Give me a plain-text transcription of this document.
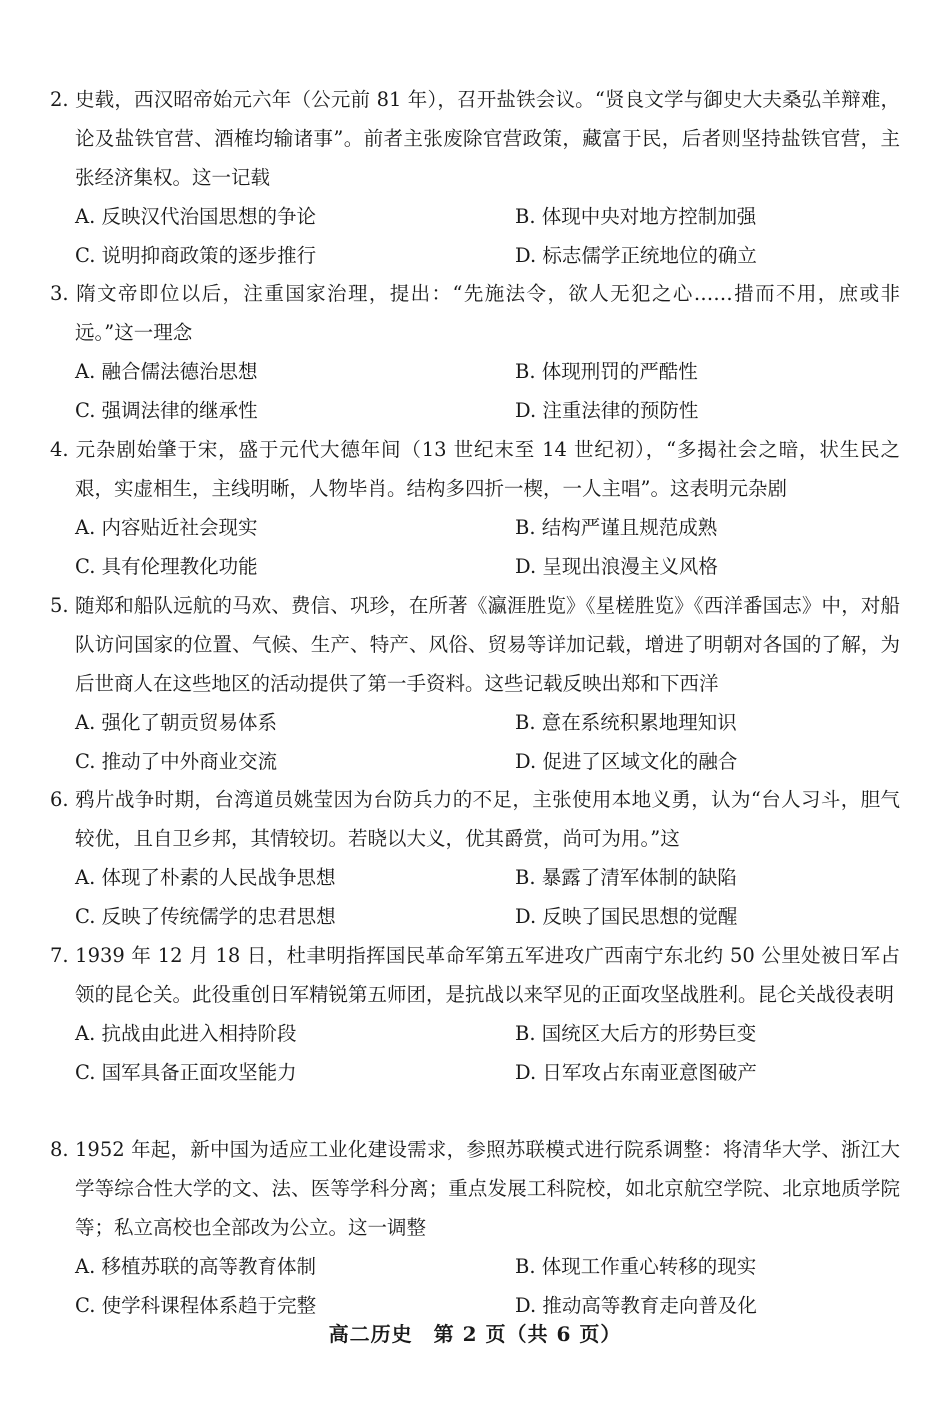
2. 史载，西汉昭帝始元六年（公元前 81 年），召开盐铁会议。“贤良文学与御史大夫桑弘羊辩难，论及盐铁官营、酒榷均输诸事”。前者主张废除官营政策，藏富于民，后者则坚持盐铁官营，主张经济集权。这一记载

A. 反映汉代治国思想的争论	B. 体现中央对地方控制加强
C. 说明抑商政策的逐步推行	D. 标志儒学正统地位的确立

3. 隋文帝即位以后，注重国家治理，提出：“先施法令，欲人无犯之心……措而不用，庶或非远。”这一理念

A. 融合儒法德治思想	B. 体现刑罚的严酷性
C. 强调法律的继承性	D. 注重法律的预防性

4. 元杂剧始肇于宋，盛于元代大德年间（13 世纪末至 14 世纪初），“多揭社会之暗，状生民之艰，实虚相生，主线明晰，人物毕肖。结构多四折一楔，一人主唱”。这表明元杂剧

A. 内容贴近社会现实	B. 结构严谨且规范成熟
C. 具有伦理教化功能	D. 呈现出浪漫主义风格

5. 随郑和船队远航的马欢、费信、巩珍，在所著《瀛涯胜览》《星槎胜览》《西洋番国志》中，对船队访问国家的位置、气候、生产、特产、风俗、贸易等详加记载，增进了明朝对各国的了解，为后世商人在这些地区的活动提供了第一手资料。这些记载反映出郑和下西洋

A. 强化了朝贡贸易体系	B. 意在系统积累地理知识
C. 推动了中外商业交流	D. 促进了区域文化的融合

6. 鸦片战争时期，台湾道员姚莹因为台防兵力的不足，主张使用本地义勇，认为“台人习斗，胆气较优，且自卫乡邦，其情较切。若晓以大义，优其爵赏，尚可为用。”这

A. 体现了朴素的人民战争思想	B. 暴露了清军体制的缺陷
C. 反映了传统儒学的忠君思想	D. 反映了国民思想的觉醒

7. 1939 年 12 月 18 日，杜聿明指挥国民革命军第五军进攻广西南宁东北约 50 公里处被日军占领的昆仑关。此役重创日军精锐第五师团，是抗战以来罕见的正面攻坚战胜利。昆仑关战役表明

A. 抗战由此进入相持阶段	B. 国统区大后方的形势巨变
C. 国军具备正面攻坚能力	D. 日军攻占东南亚意图破产

8. 1952 年起，新中国为适应工业化建设需求，参照苏联模式进行院系调整：将清华大学、浙江大学等综合性大学的文、法、医等学科分离；重点发展工科院校，如北京航空学院、北京地质学院等；私立高校也全部改为公立。这一调整

A. 移植苏联的高等教育体制	B. 体现工作重心转移的现实
C. 使学科课程体系趋于完整	D. 推动高等教育走向普及化
高二历史　第 2 页（共 6 页）
